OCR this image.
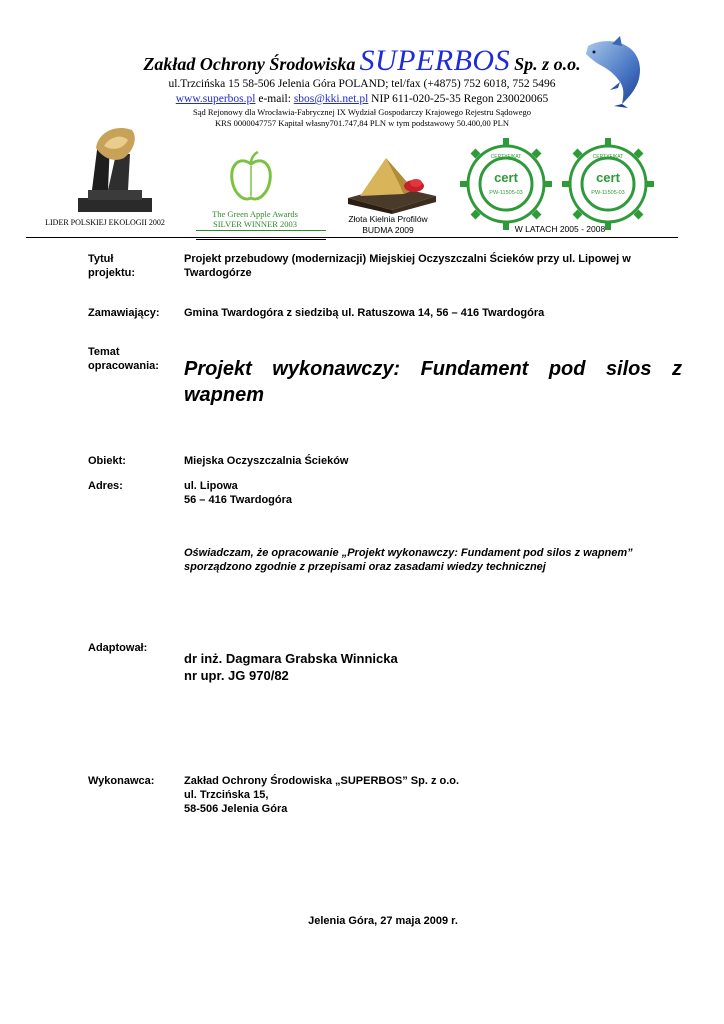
Zakład Ochrony Środowiska SUPERBOS Sp. z o.o.
ul.Trzcińska 15 58-506 Jelenia Góra POLAND; tel/fax (+4875) 752 6018, 752 5496
www.superbos.pl e-mail: sbos@kki.net.pl NIP 611-020-25-35 Regon 230020065
Sąd Rejonowy dla Wrocławia-Fabrycznej IX Wydział Gospodarczy Krajowego Rejestru Sądowego
KRS 0000047757 Kapitał własny701.747,84 PLN w tym podstawowy 50.400,00 PLN
LIDER POLSKIEJ EKOLOGII 2002
The Green Apple Awards
SILVER WINNER 2003	Złota Kielnia Profilów
BUDMA 2009
cert
PW-11505-03
CERTYFIKAT
cert
PW-11505-03
CERTYFIKAT
W LATACH 2005 - 2008
Tytuł
projektu:
Projekt przebudowy (modernizacji) Miejskiej Oczyszczalni Ścieków przy ul. Lipowej w
Twardogórze
Zamawiający: Gmina Twardogóra z siedzibą ul. Ratuszowa 14, 56 – 416 Twardogóra
Temat
opracowania: Projekt wykonawczy: Fundament pod silos z
wapnem
Obiekt:	Miejska Oczyszczalnia Ścieków
Adres:	ul. Lipowa
56 – 416 Twardogóra
Oświadczam, że opracowanie „Projekt wykonawczy: Fundament pod silos z wapnem”
sporządzono zgodnie z przepisami oraz zasadami wiedzy technicznej
Adaptował:
dr inż. Dagmara Grabska Winnicka
nr upr. JG 970/82
Wykonawca:	Zakład Ochrony Środowiska „SUPERBOS” Sp. z o.o.
ul. Trzcińska 15,
58-506 Jelenia Góra
Jelenia Góra, 27 maja 2009 r.
